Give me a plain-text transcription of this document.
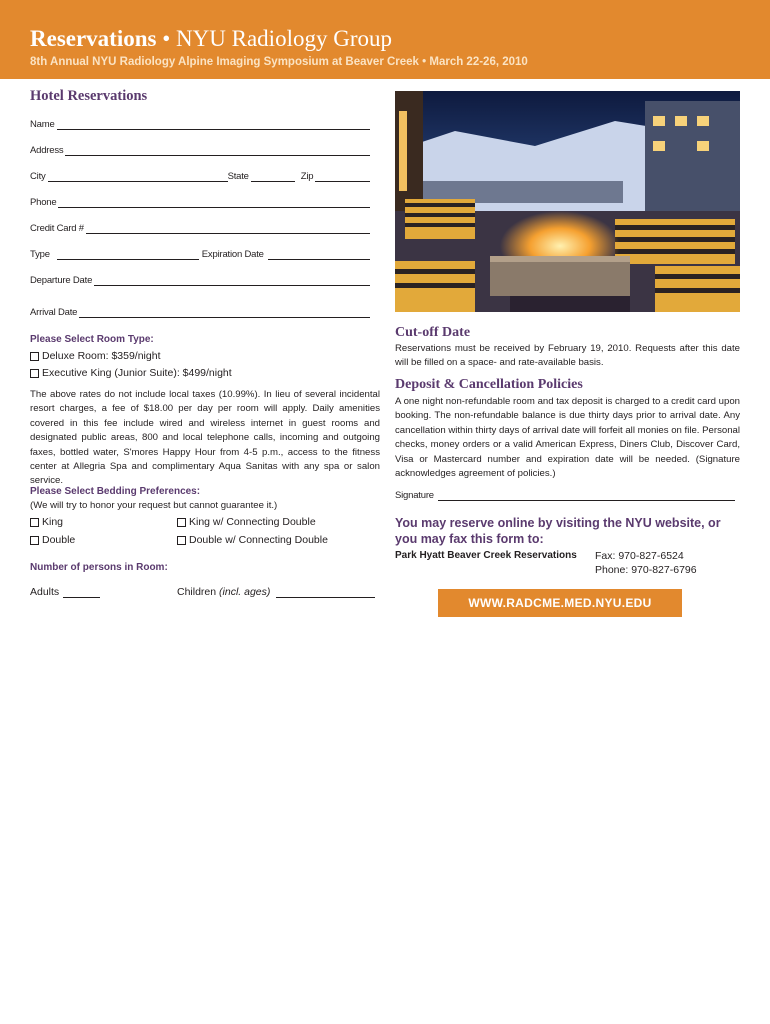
Reservations • NYU Radiology Group
8th Annual NYU Radiology Alpine Imaging Symposium at Beaver Creek • March 22-26, 2010
Hotel Reservations
Name
Address
City	State	Zip
Phone
Credit Card #
Type	Expiration Date
Departure Date
Arrival Date
Please Select Room Type:
Deluxe Room: $359/night
Executive King (Junior Suite): $499/night
The above rates do not include local taxes (10.99%). In lieu of several incidental resort charges, a fee of $18.00 per day per room will apply. Daily amenities covered in this fee include wired and wireless internet in guest rooms and designated public areas, 800 and local telephone calls, incoming and outgoing faxes, bottled water, S'mores Happy Hour from 4-5 p.m., access to the fitness center at Allegria Spa and complimentary Aqua Sanitas with any spa or salon service.
Please Select Bedding Preferences:
(We will try to honor your request but cannot guarantee it.)
King	King w/ Connecting Double
Double	Double w/ Connecting Double
Number of persons in Room:
Adults	Children
(incl. ages)
Cut-off Date
Reservations must be received by February 19, 2010. Requests after this date will be filled on a space- and rate-available basis.
Deposit & Cancellation Policies
A one night non-refundable room and tax deposit is charged to a credit card upon booking. The non-refundable balance is due thirty days prior to arrival date. Any cancellation within thirty days of arrival date will forfeit all monies on file. Personal checks, money orders or a valid American Express, Diners Club, Discover Card, Visa or Mastercard number and expiration date will be needed. (Signature acknowledges agreement of policies.)
Signature
You may reserve online by visiting the NYU website, or you may fax this form to:
Park Hyatt Beaver Creek Reservations Fax: 970-827-6524
Phone: 970-827-6796
WWW.RADCME.MED.NYU.EDU
